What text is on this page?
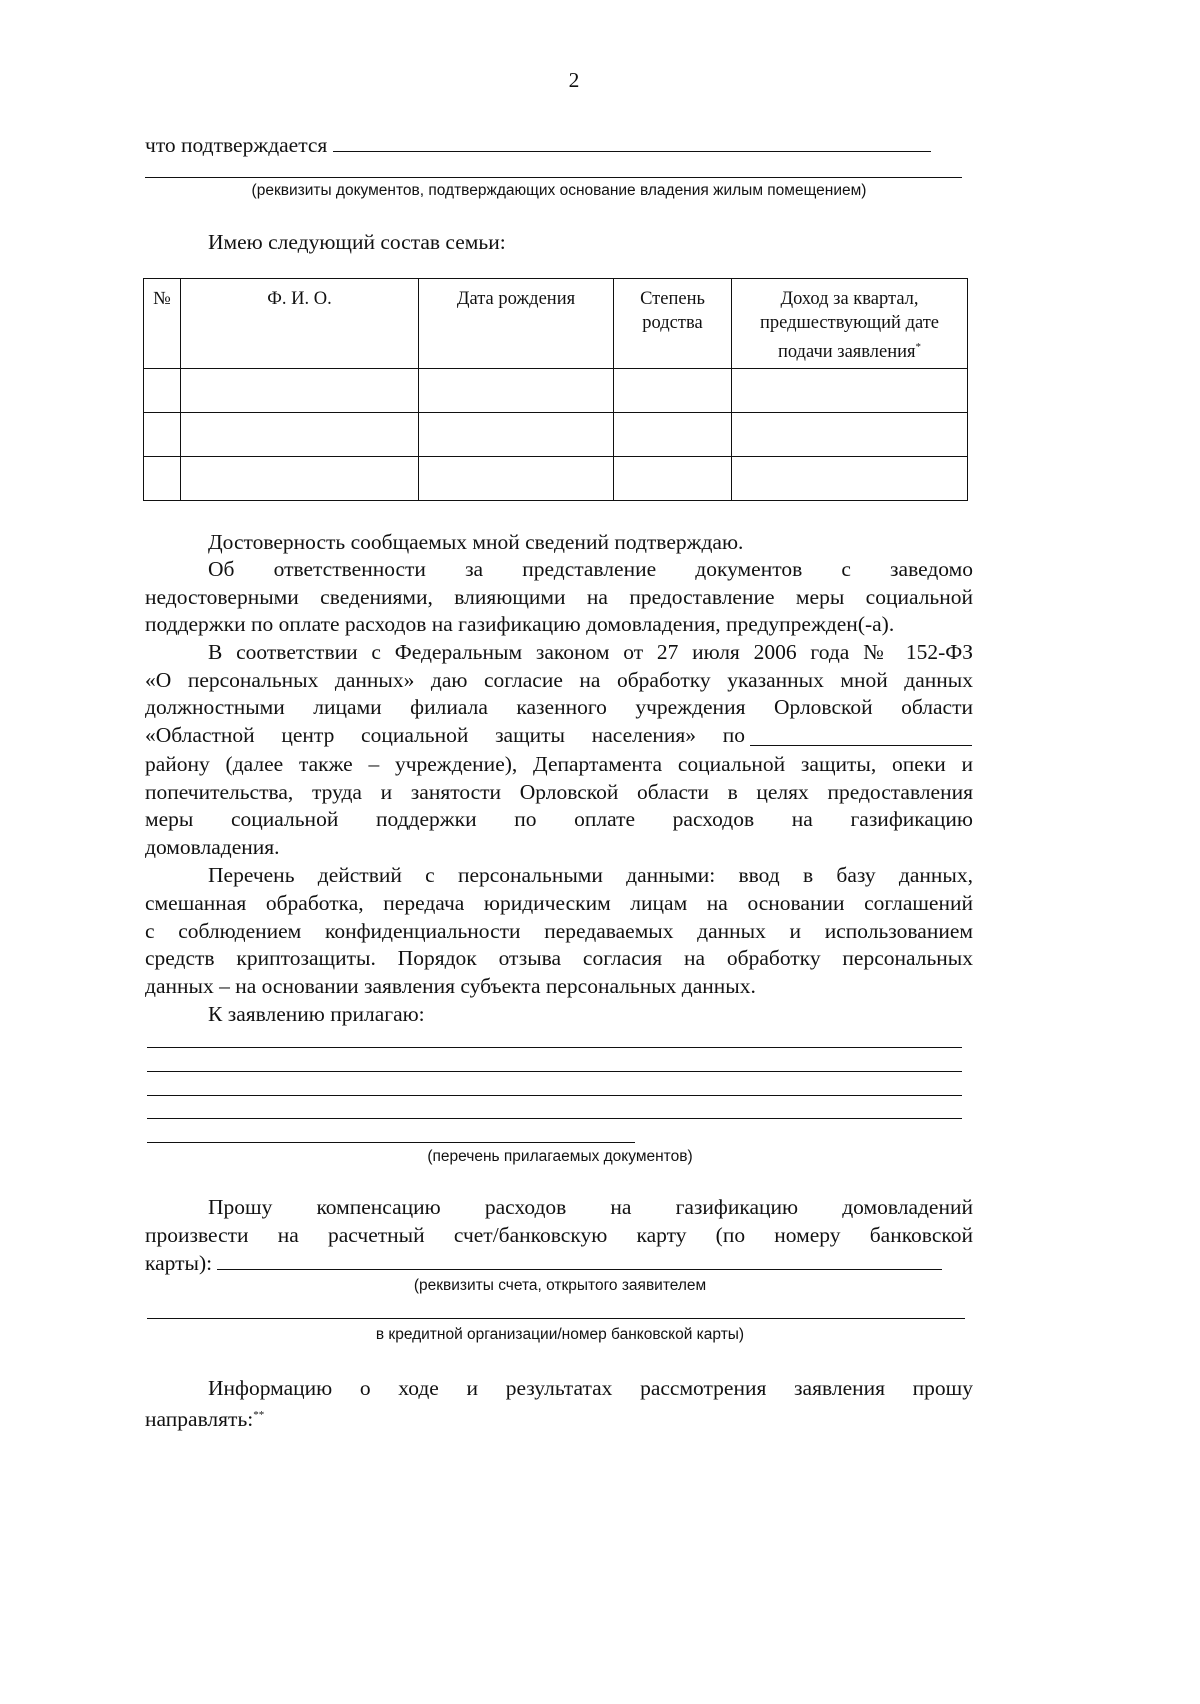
2
что подтверждается
(реквизиты документов, подтверждающих основание владения жилым помещением)
Имею следующий состав семьи:
№	Ф. И. О.	Дата рождения	Степень родства	Доход за квартал, предшествующий дате подачи заявления*

Достоверность сообщаемых мной сведений подтверждаю.
Об ответственности за представление документов с заведомо
недостоверными сведениями, влияющими на предоставление меры социальной
поддержки по оплате расходов на газификацию домовладения, предупрежден(-а).
В соответствии с Федеральным законом от 27 июля 2006 года № 152-ФЗ
«О персональных данных» даю согласие на обработку указанных мной данных
должностными лицами филиала казенного учреждения Орловской области
«Областной центр социальной защиты населения» по
району (далее также – учреждение), Департамента социальной защиты, опеки и
попечительства, труда и занятости Орловской области в целях предоставления
меры социальной поддержки по оплате расходов на газификацию
домовладения.
Перечень действий с персональными данными: ввод в базу данных,
смешанная обработка, передача юридическим лицам на основании соглашений
с соблюдением конфиденциальности передаваемых данных и использованием
средств криптозащиты. Порядок отзыва согласия на обработку персональных
данных – на основании заявления субъекта персональных данных.
К заявлению прилагаю:
(перечень прилагаемых документов)
Прошу компенсацию расходов на газификацию домовладений
произвести на расчетный счет/банковскую карту (по номеру банковской
карты):
(реквизиты счета, открытого заявителем
в кредитной организации/номер банковской карты)
Информацию о ходе и результатах рассмотрения заявления прошу
направлять:**
